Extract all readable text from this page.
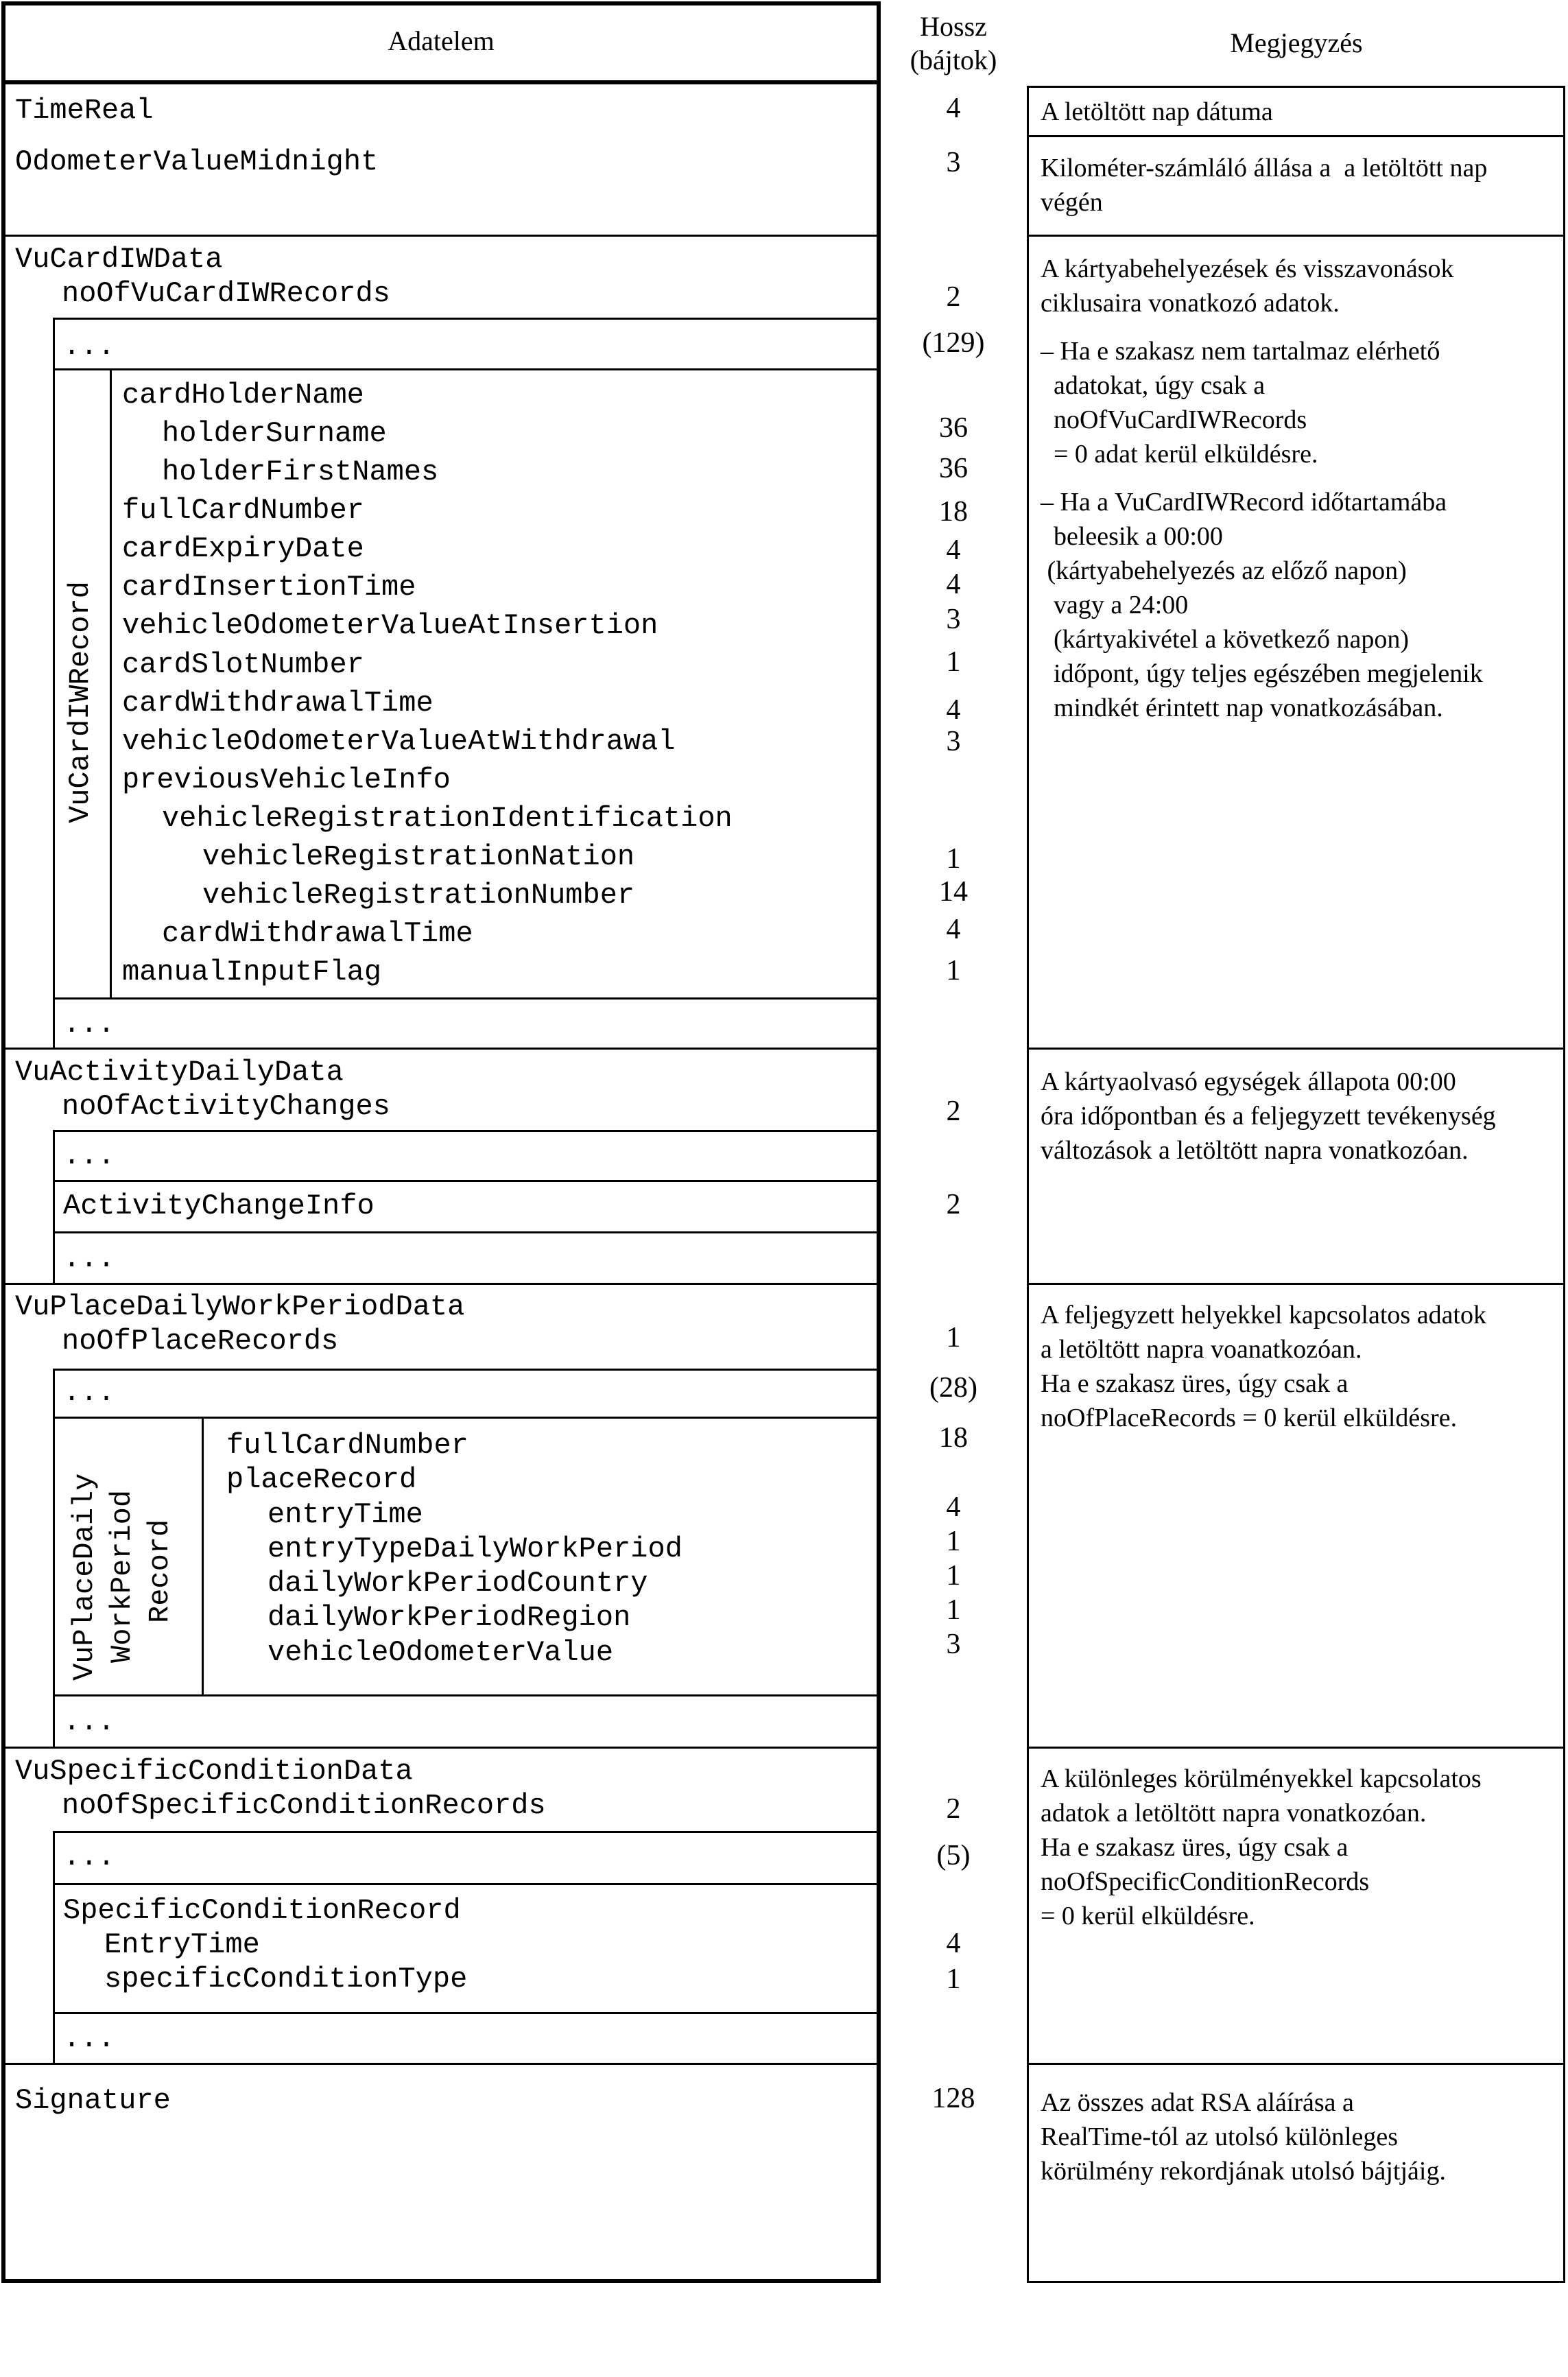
Adatelem
TimeReal
OdometerValueMidnight
VuCardIWData
noOfVuCardIWRecords
...
VuCardIWRecord
...
cardHolderName
holderSurname
holderFirstNames
fullCardNumber
cardExpiryDate
cardInsertionTime
vehicleOdometerValueAtInsertion
cardSlotNumber
cardWithdrawalTime
vehicleOdometerValueAtWithdrawal
previousVehicleInfo
vehicleRegistrationIdentification
vehicleRegistrationNation
vehicleRegistrationNumber
cardWithdrawalTime
manualInputFlag
VuActivityDailyData
noOfActivityChanges
...
ActivityChangeInfo
...
VuPlaceDailyWorkPeriodData
noOfPlaceRecords
...
VuPlaceDaily WorkPeriod Record
...
fullCardNumber
placeRecord
entryTime
entryTypeDailyWorkPeriod
dailyWorkPeriodCountry
dailyWorkPeriodRegion
vehicleOdometerValue
VuSpecificConditionData
noOfSpecificConditionRecords
...
SpecificConditionRecord
EntryTime
specificConditionType
...
Signature
Hossz
(bájtok)
4
3
2
(129)
36
36
18
4
4
3
1
4
3
1
14
4
1
2
2
1
(28)
18
4
1
1
1
3
2
(5)
4
1
128
Megjegyzés

A letöltött nap dátuma

Kilométer-számláló állása a  a letöltött nap

végén

A kártyabehelyezések és visszavonások

ciklusaira vonatkozó adatok.

– Ha e szakasz nem tartalmaz elérhető

adatokat, úgy csak a

noOfVuCardIWRecords

= 0 adat kerül elküldésre.

– Ha a VuCardIWRecord időtartamába

beleesik a 00:00

(kártyabehelyezés az előző napon)

vagy a 24:00

(kártyakivétel a következő napon)

időpont, úgy teljes egészében megjelenik

mindkét érintett nap vonatkozásában.

A kártyaolvasó egységek állapota 00:00

óra időpontban és a feljegyzett tevékenység

változások a letöltött napra vonatkozóan.

A feljegyzett helyekkel kapcsolatos adatok

a letöltött napra voanatkozóan.

Ha e szakasz üres, úgy csak a

noOfPlaceRecords = 0 kerül elküldésre.

A különleges körülményekkel kapcsolatos

adatok a letöltött napra vonatkozóan.

Ha e szakasz üres, úgy csak a

noOfSpecificConditionRecords

= 0 kerül elküldésre.

Az összes adat RSA aláírása a

RealTime-tól az utolsó különleges

körülmény rekordjának utolsó bájtjáig.
